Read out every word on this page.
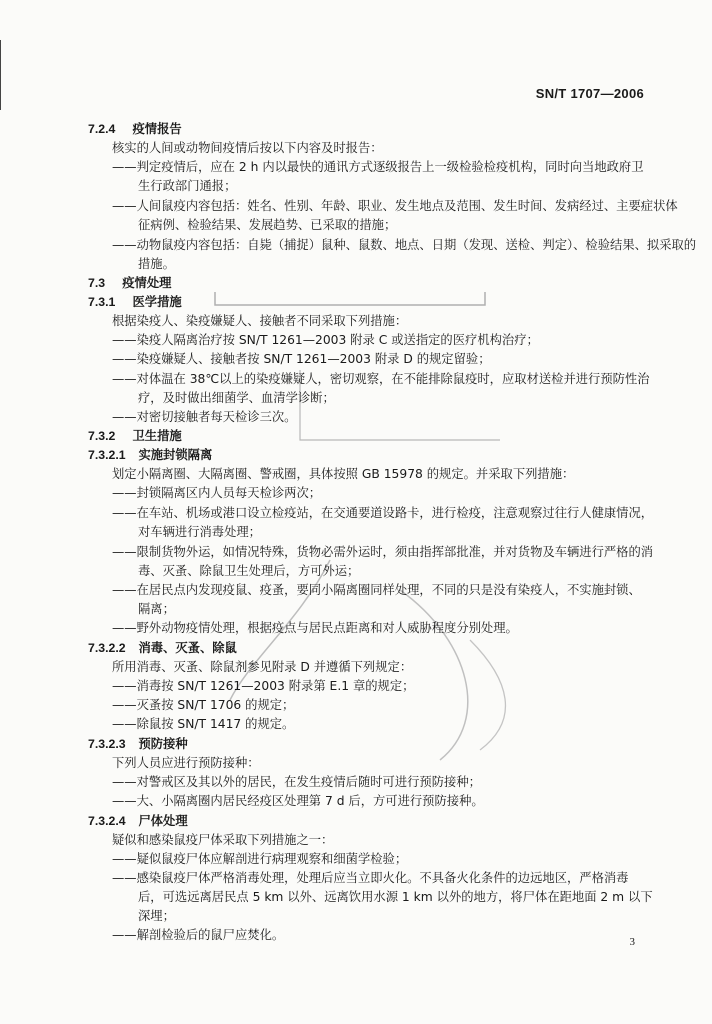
SN/T 1707—2006
7.2.4 疫情报告
核实的人间或动物间疫情后按以下内容及时报告：
——判定疫情后，应在 2 h 内以最快的通讯方式逐级报告上一级检验检疫机构，同时向当地政府卫
生行政部门通报；
——人间鼠疫内容包括：姓名、性别、年龄、职业、发生地点及范围、发生时间、发病经过、主要症状体
征病例、检验结果、发展趋势、已采取的措施；
——动物鼠疫内容包括：自毙（捕捉）鼠种、鼠数、地点、日期（发现、送检、判定）、检验结果、拟采取的
措施。
7.3 疫情处理
7.3.1 医学措施
根据染疫人、染疫嫌疑人、接触者不同采取下列措施：
——染疫人隔离治疗按 SN/T 1261—2003 附录 C 或送指定的医疗机构治疗；
——染疫嫌疑人、接触者按 SN/T 1261—2003 附录 D 的规定留验；
——对体温在 38℃以上的染疫嫌疑人，密切观察，在不能排除鼠疫时，应取材送检并进行预防性治
疗，及时做出细菌学、血清学诊断；
——对密切接触者每天检诊三次。
7.3.2 卫生措施
7.3.2.1 实施封锁隔离
划定小隔离圈、大隔离圈、警戒圈，具体按照 GB 15978 的规定。并采取下列措施：
——封锁隔离区内人员每天检诊两次；
——在车站、机场或港口设立检疫站，在交通要道设路卡，进行检疫，注意观察过往行人健康情况，
对车辆进行消毒处理；
——限制货物外运，如情况特殊，货物必需外运时，须由指挥部批准，并对货物及车辆进行严格的消
毒、灭蚤、除鼠卫生处理后，方可外运；
——在居民点内发现疫鼠、疫蚤，要同小隔离圈同样处理，不同的只是没有染疫人，不实施封锁、
隔离；
——野外动物疫情处理，根据疫点与居民点距离和对人威胁程度分别处理。
7.3.2.2 消毒、灭蚤、除鼠
所用消毒、灭蚤、除鼠剂参见附录 D 并遵循下列规定：
——消毒按 SN/T 1261—2003 附录第 E.1 章的规定；
——灭蚤按 SN/T 1706 的规定；
——除鼠按 SN/T 1417 的规定。
7.3.2.3 预防接种
下列人员应进行预防接种：
——对警戒区及其以外的居民，在发生疫情后随时可进行预防接种；
——大、小隔离圈内居民经疫区处理第 7 d 后，方可进行预防接种。
7.3.2.4 尸体处理
疑似和感染鼠疫尸体采取下列措施之一：
——疑似鼠疫尸体应解剖进行病理观察和细菌学检验；
——感染鼠疫尸体严格消毒处理，处理后应当立即火化。不具备火化条件的边远地区，严格消毒
后，可选远离居民点 5 km 以外、远离饮用水源 1 km 以外的地方，将尸体在距地面 2 m 以下
深埋；
——解剖检验后的鼠尸应焚化。	3
